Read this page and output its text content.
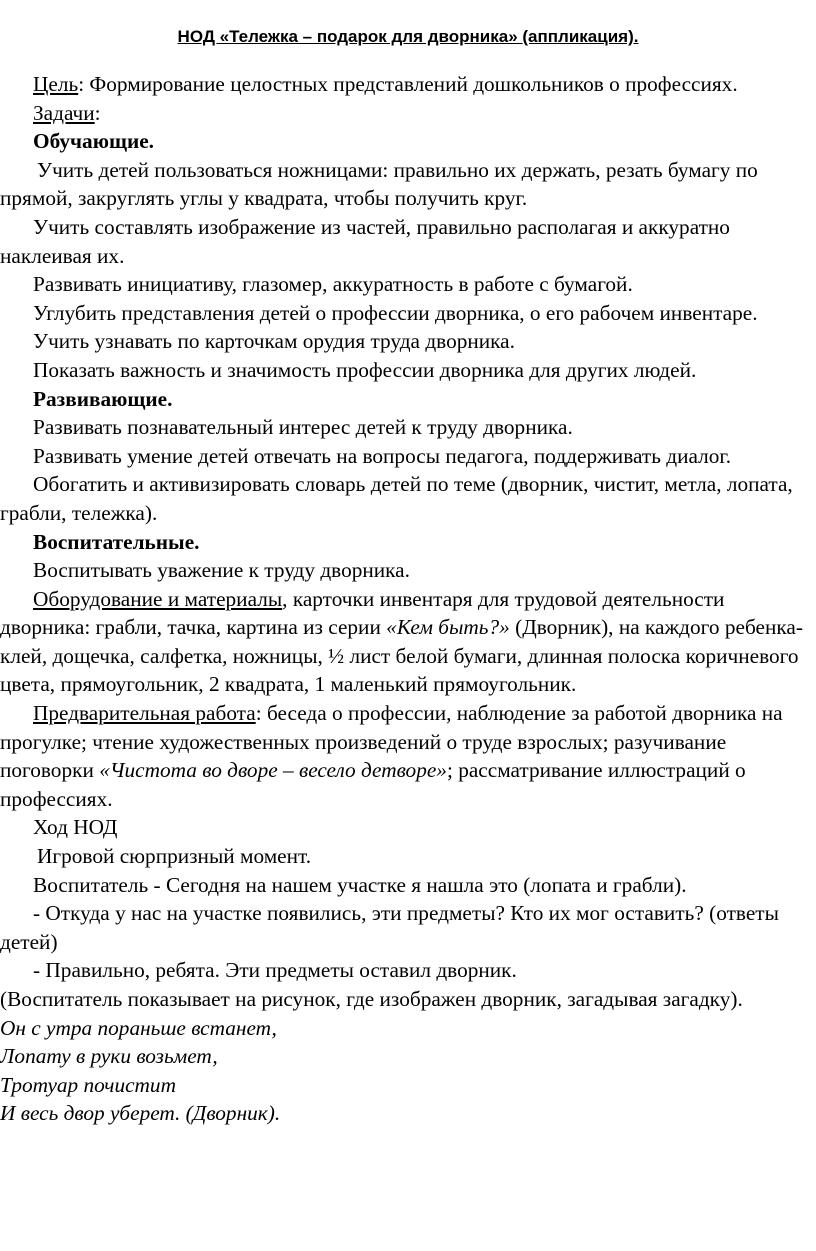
НОД «Тележка – подарок для дворника» (аппликация).

Цель: Формирование целостных представлений дошкольников о профессиях.

Задачи:

Обучающие.

Учить детей пользоваться ножницами: правильно их держать, резать бумагу по прямой, закруглять углы у квадрата, чтобы получить круг.

Учить составлять изображение из частей, правильно располагая и аккуратно наклеивая их.

Развивать инициативу, глазомер, аккуратность в работе с бумагой.

Углубить представления детей о профессии дворника, о его рабочем инвентаре.

Учить узнавать по карточкам орудия труда дворника.

Показать важность и значимость профессии дворника для других людей.

Развивающие.

Развивать познавательный интерес детей к труду дворника.

Развивать умение детей отвечать на вопросы педагога, поддерживать диалог.

Обогатить и активизировать словарь детей по теме (дворник, чистит, метла, лопата, грабли, тележка).

Воспитательные.

Воспитывать уважение к труду дворника.

Оборудование и материалы, карточки инвентаря для трудовой деятельности дворника: грабли, тачка, картина из серии «Кем быть?» (Дворник), на каждого ребенка- клей, дощечка, салфетка, ножницы, ½ лист белой бумаги, длинная полоска коричневого цвета, прямоугольник, 2 квадрата, 1 маленький прямоугольник.

Предварительная работа: беседа о профессии, наблюдение за работой дворника на прогулке; чтение художественных произведений о труде взрослых; разучивание поговорки «Чистота во дворе – весело детворе»; рассматривание иллюстраций о профессиях.

Ход НОД

Игровой сюрпризный момент.

Воспитатель - Сегодня на нашем участке я нашла это (лопата и грабли).

- Откуда у нас на участке появились, эти предметы? Кто их мог оставить? (ответы детей)

- Правильно, ребята. Эти предметы оставил дворник.

(Воспитатель показывает на рисунок, где изображен дворник, загадывая загадку).

Он с утра пораньше встанет,
Лопату в руки возьмет,
Тротуар почистит
И весь двор уберет. (Дворник).
